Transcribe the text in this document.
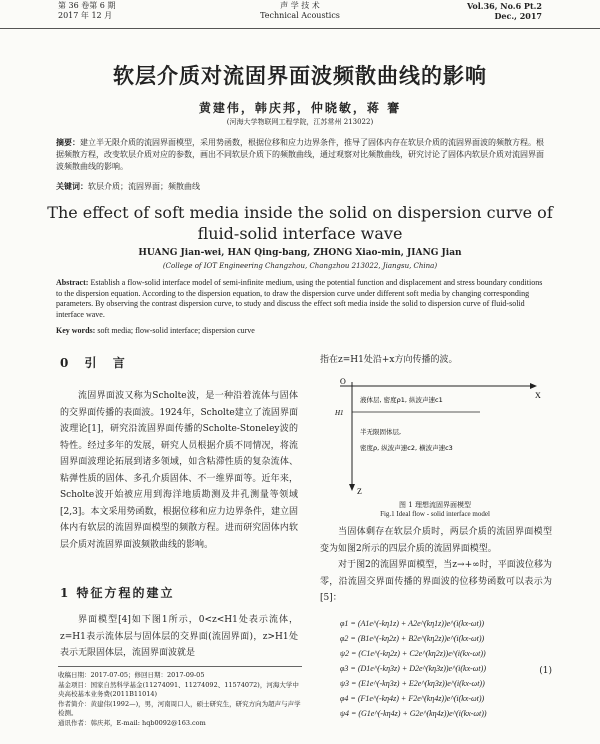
第 36 卷第 6 期
2017 年 12 月
声 学 技 术
Technical Acoustics
Vol.36, No.6 Pt.2
Dec., 2017
软层介质对流固界面波频散曲线的影响
黄建伟，韩庆邦，仲晓敏，蒋 謇
(河海大学物联网工程学院，江苏常州 213022)
摘要：建立半无限介质的流固界面模型，采用势函数，根据位移和应力边界条件，推导了固体内存在软层介质的流固界面波的频散方程。根据频散方程，改变软层介质对应的参数，画出不同软层介质下的频散曲线，通过观察对比频散曲线，研究讨论了固体内软层介质对流固界面波频散曲线的影响。
关键词：软层介质；流固界面；频散曲线
The effect of soft media inside the solid on dispersion curve of
fluid-solid interface wave
HUANG Jian-wei, HAN Qing-bang, ZHONG Xiao-min, JIANG Jian
(College of IOT Engineering Changzhou, Changzhou 213022, Jiangsu, China)
Abstract: Establish a flow-solid interface model of semi-infinite medium, using the potential function and displacement and stress boundary conditions to the dispersion equation. According to the dispersion equation, to draw the dispersion curve under different soft media by changing corresponding parameters. By observing the contrast dispersion curve, to study and discuss the effect soft media inside the solid to dispersion curve of fluid-solid interface wave.
Key words: soft media; flow-solid interface; dispersion curve
0 引 言

流固界面波又称为Scholte波，是一种沿着流体与固体的交界面传播的表面波。1924年，Scholte建立了流固界面波理论[1]，研究沿流固界面传播的Scholte-Stoneley波的特性。经过多年的发展，研究人员根据介质不同情况，将流固界面波理论拓展到诸多领域，如含粘滞性质的复杂流体、粘弹性质的固体、多孔介质固体、不一维界面等。近年来，Scholte波开始被应用到海洋地质勘测及井孔测量等领域[2,3]。本文采用势函数，根据位移和应力边界条件，建立固体内有软层的流固界面模型的频散方程。进而研究固体内软层介质对流固界面波频散曲线的影响。

1 特征方程的建立

界面模型[4]如下图1所示，0<z<H1处表示流体，z=H1表示流体层与固体层的交界面(流固界面)，z>H1处表示无限固体层，流固界面波就是

收稿日期：2017-07-05；修回日期：2017-09-05
基金项目：国家自然科学基金(11274091、11274092、11574072)，河海大学中央高校基本业务费(2011B11014)
作者简介：黄建伟(1992—)，男，河南周口人，硕士研究生，研究方向为超声与声学检测。
通讯作者：韩庆邦，E-mail: hqb0092@163.com
指在z=H1处沿+x方向传播的波。
O
X
Z
H1
液体层, 密度ρ1, 纵波声速c1
半无限固体层,
密度ρ, 纵波声速c2, 横波声速c3
图 1 理想流固界面模型
Fig.1 Ideal flow - solid interface model

当固体剩存在软层介质时，两层介质的流固界面模型变为如图2所示的四层介质的流固界面模型。

对于图2的流固界面模型，当z→+∞时，平面波位移为零，沿流固交界面传播的界面波的位移势函数可以表示为[5]：

φ1 = (A1e^(-kη1z) + A2e^(kη1z))e^(i(kx-ωt))
φ2 = (B1e^(-kη2z) + B2e^(kη2z))e^(i(kx-ωt))
ψ2 = (C1e^(-kη2z) + C2e^(kη2z))e^(i(kx-ωt))
φ3 = (D1e^(-kη3z) + D2e^(kη3z))e^(i(kx-ωt))
ψ3 = (E1e^(-kη3z) + E2e^(kη3z))e^(i(kx-ωt))
φ4 = (F1e^(-kη4z) + F2e^(kη4z))e^(i(kx-ωt))
ψ4 = (G1e^(-kη4z) + G2e^(kη4z))e^(i(kx-ωt))
(1)
